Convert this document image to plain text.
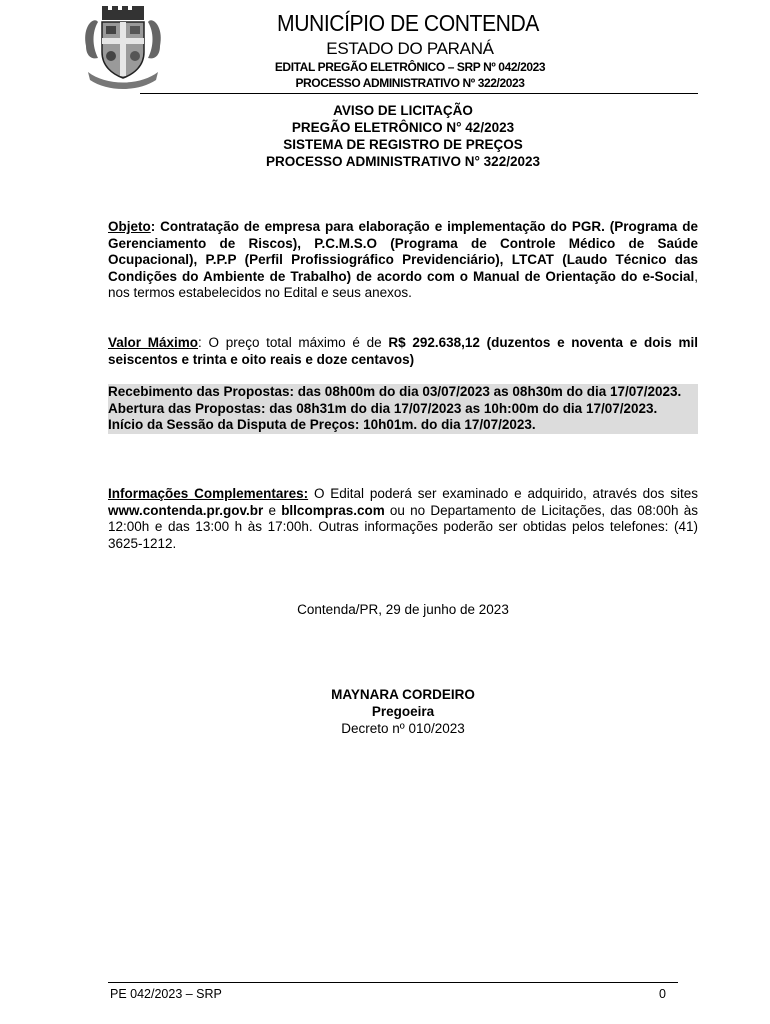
MUNICÍPIO DE CONTENDA
ESTADO DO PARANÁ
EDITAL PREGÃO ELETRÔNICO – SRP Nº 042/2023
PROCESSO ADMINISTRATIVO Nº 322/2023
AVISO DE LICITAÇÃO
PREGÃO ELETRÔNICO N° 42/2023
SISTEMA DE REGISTRO DE PREÇOS
PROCESSO ADMINISTRATIVO N° 322/2023
Objeto: Contratação de empresa para elaboração e implementação do PGR. (Programa de Gerenciamento de Riscos), P.C.M.S.O (Programa de Controle Médico de Saúde Ocupacional), P.P.P (Perfil Profissiográfico Previdenciário), LTCAT (Laudo Técnico das Condições do Ambiente de Trabalho) de acordo com o Manual de Orientação do e-Social, nos termos estabelecidos no Edital e seus anexos.
Valor Máximo: O preço total máximo é de R$ 292.638,12 (duzentos e noventa e dois mil seiscentos e trinta e oito reais e doze centavos)
Recebimento das Propostas: das 08h00m do dia 03/07/2023 as 08h30m do dia 17/07/2023.
Abertura das Propostas: das 08h31m do dia 17/07/2023 as 10h:00m do dia 17/07/2023.
Início da Sessão da Disputa de Preços: 10h01m. do dia 17/07/2023.
Informações Complementares: O Edital poderá ser examinado e adquirido, através dos sites www.contenda.pr.gov.br e bllcompras.com ou no Departamento de Licitações, das 08:00h às 12:00h e das 13:00 h às 17:00h. Outras informações poderão ser obtidas pelos telefones: (41) 3625-1212.
Contenda/PR, 29 de junho de 2023
MAYNARA CORDEIRO
Pregoeira
Decreto nº 010/2023
PE 042/2023 – SRP	0
